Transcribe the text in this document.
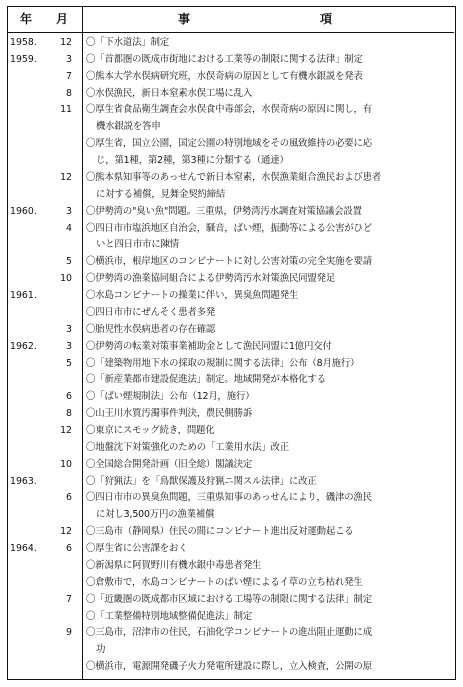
年 月	事	項
1958. 12 〇「下水道法」制定
1959.	3 〇「首都圏の既成市街地における工業等の制限に関する法律」制定
7 〇熊本大学水俣病研究班，水俣奇病の原因として有機水銀説を発表
8 〇水俣漁民，新日本窒素水俣工場に乱入
11 〇厚生省食品衛生調査会水俣食中毒部会，水俣奇病の原因に関し，有
機水銀説を答申
〇厚生省，国立公園，国定公園の特別地域をその風致維持の必要に応
じ，第1種，第2種，第3種に分類する（通達）
12 〇熊本県知事等のあっせんで新日本窒素，水俣漁業組合漁民および患者
に対する補償，見舞金契約締結
1960.	3 〇伊勢湾の"臭い魚"問題。三重県，伊勢湾汚水調査対策協議会設置
4 〇四日市市塩浜地区自治会，騒音，ばい煙，振動等による公害がひど
いと四日市市に陳情
5 〇横浜市，根岸地区のコンビナートに対し公害対策の完全実施を要請
10 〇伊勢湾の漁業協同組合による伊勢湾汚水対策漁民同盟発足
1961.	〇水島コンビナートの操業に伴い，異臭魚問題発生
〇四日市市にぜんそく患者多発
3 〇胎児性水俣病患者の存在確認
1962.	3 〇伊勢湾の転業対策事業補助金として漁民同盟に1億円交付
5 〇「建築物用地下水の採取の規制に関する法律」公布（8月施行）
〇「新産業都市建設促進法」制定。地域開発が本格化する
6 〇「ばい煙規制法」公布（12月，施行）
8 〇山王川水質汚濁事件判決，農民側勝訴
12 〇東京にスモッグ続き，問題化
〇地盤沈下対策強化のための「工業用水法」改正
10 〇全国総合開発計画（旧全総）閣議決定
1963.	〇「狩猟法」を「鳥獣保護及狩猟ニ関スル法律」に改正
6 〇四日市市の異臭魚問題，三重県知事のあっせんにより，磯津の漁民
に対し3,500万円の漁業補償
12 〇三島市（静岡県）住民の間にコンビナート進出反対運動起こる
1964.	6 〇厚生省に公害課をおく
〇新潟県に阿賀野川有機水銀中毒患者発生
〇倉敷市で，水島コンビナートのばい煙によるイ草の立ち枯れ発生
7 〇「近畿圏の既成都市区域における工場等の制限に関する法律」制定
〇「工業整備特別地域整備促進法」制定
9 〇三島市，沼津市の住民，石油化学コンビナートの進出阻止運動に成
功
〇横浜市，電源開発磯子火力発電所建設に際し，立入検査，公開の原
